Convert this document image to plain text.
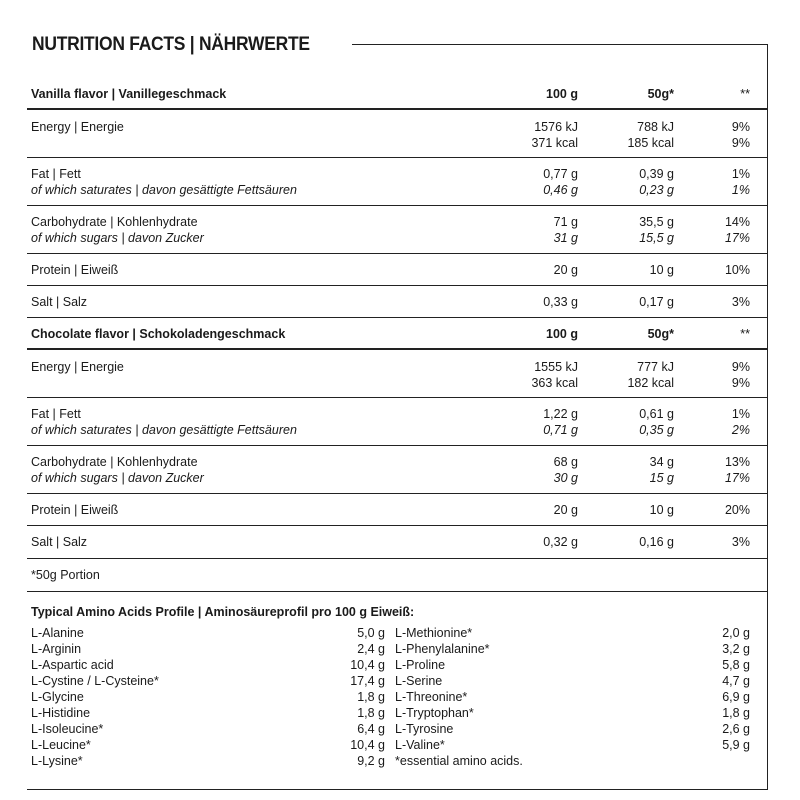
NUTRITION FACTS | NÄHRWERTE
Vanilla flavor | Vanillegeschmack	100 g	50g*	**
Energy | Energie	1576 kJ	788 kJ	9%
371 kcal	185 kcal	9%
Fat | Fett	0,77 g	0,39 g	1%
of which saturates | davon gesättigte Fettsäuren	0,46 g	0,23 g	1%
Carbohydrate | Kohlenhydrate	71 g	35,5 g	14%
of which sugars | davon Zucker	31 g	15,5 g	17%
Protein | Eiweiß	20 g	10 g	10%
Salt | Salz	0,33 g	0,17 g	3%
Chocolate flavor | Schokoladengeschmack	100 g	50g*	**
Energy | Energie	1555 kJ	777 kJ	9%
363 kcal	182 kcal	9%
Fat | Fett	1,22 g	0,61 g	1%
of which saturates | davon gesättigte Fettsäuren	0,71 g	0,35 g	2%
Carbohydrate | Kohlenhydrate	68 g	34 g	13%
of which sugars | davon Zucker	30 g	15 g	17%
Protein | Eiweiß	20 g	10 g	20%
Salt | Salz	0,32 g	0,16 g	3%
*50g Portion
Typical Amino Acids Profile | Aminosäureprofil pro 100 g Eiweiß:
L-Alanine	5,0 g
L-Arginin	2,4 g
L-Aspartic acid	10,4 g
L-Cystine / L-Cysteine*	17,4 g
L-Glycine	1,8 g
L-Histidine	1,8 g
L-Isoleucine*	6,4 g
L-Leucine*	10,4 g
L-Lysine*	9,2 g
L-Methionine*	2,0 g
L-Phenylalanine*	3,2 g
L-Proline	5,8 g
L-Serine	4,7 g
L-Threonine*	6,9 g
L-Tryptophan*	1,8 g
L-Tyrosine	2,6 g
L-Valine*	5,9 g
*essential amino acids.
